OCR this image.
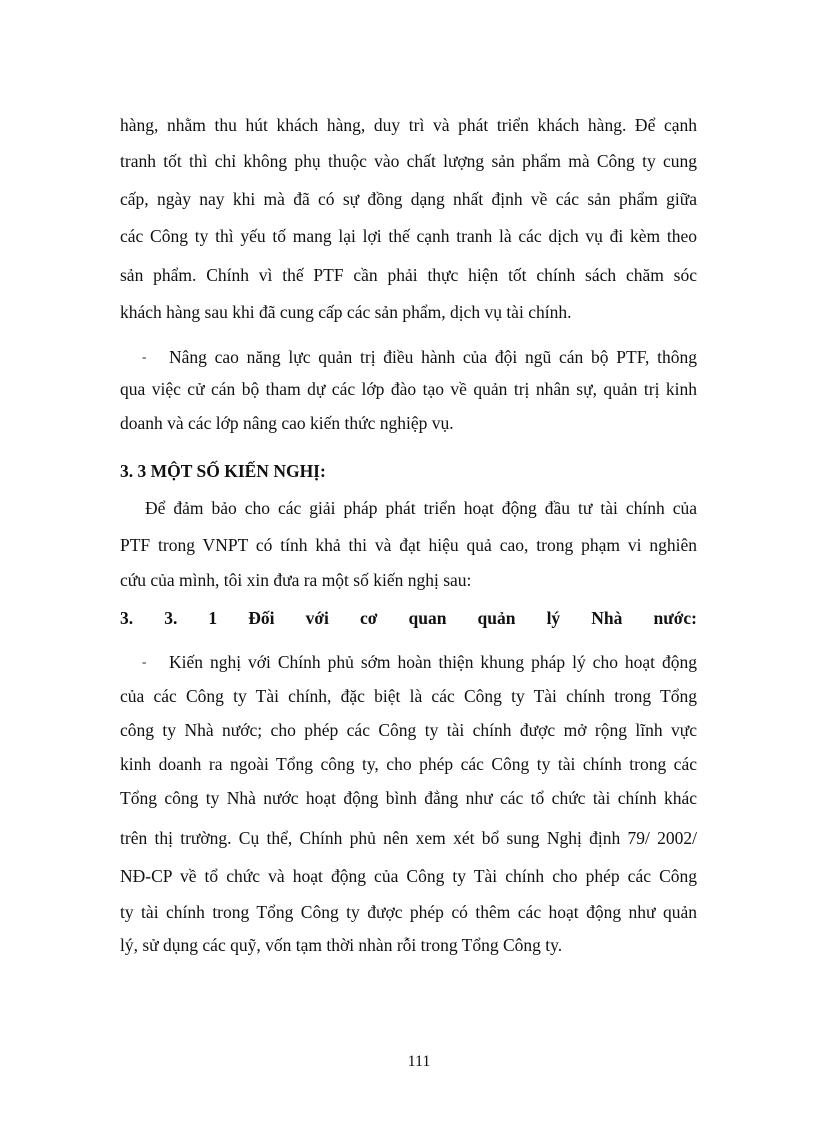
hàng, nhằm thu hút khách hàng, duy trì và phát triển khách hàng. Để cạnh
tranh tốt thì chỉ không phụ thuộc vào chất lượng sản phẩm mà Công ty cung
cấp, ngày nay khi mà đã có sự đồng dạng nhất định về các sản phẩm giữa
các Công ty thì yếu tố mang lại lợi thế cạnh tranh là các dịch vụ đi kèm theo
sản phẩm. Chính vì thế PTF cần phải thực hiện tốt chính sách chăm sóc
khách hàng sau khi đã cung cấp các sản phẩm, dịch vụ tài chính.
- Nâng cao năng lực quản trị điều hành của đội ngũ cán bộ PTF, thông
qua việc cử cán bộ tham dự các lớp đào tạo về quản trị nhân sự, quản trị kinh
doanh và các lớp nâng cao kiến thức nghiệp vụ.
3. 3 MỘT SỐ KIẾN NGHỊ:
Để đảm bảo cho các giải pháp phát triển hoạt động đầu tư tài chính của
PTF trong VNPT có tính khả thi và đạt hiệu quả cao, trong phạm vi nghiên
cứu của mình, tôi xin đưa ra một số kiến nghị sau:
3. 3. 1 Đối với cơ quan quản lý Nhà nước:
- Kiến nghị với Chính phủ sớm hoàn thiện khung pháp lý cho hoạt động
của các Công ty Tài chính, đặc biệt là các Công ty Tài chính trong Tổng
công ty Nhà nước; cho phép các Công ty tài chính được mở rộng lĩnh vực
kinh doanh ra ngoài Tổng công ty, cho phép các Công ty tài chính trong các
Tổng công ty Nhà nước hoạt động bình đẳng như các tổ chức tài chính khác
trên thị trường. Cụ thể, Chính phủ nên xem xét bổ sung Nghị định 79/ 2002/
NĐ-CP về tổ chức và hoạt động của Công ty Tài chính cho phép các Công
ty tài chính trong Tổng Công ty được phép có thêm các hoạt động như quản
lý, sử dụng các quỹ, vốn tạm thời nhàn rỗi trong Tổng Công ty.
111
